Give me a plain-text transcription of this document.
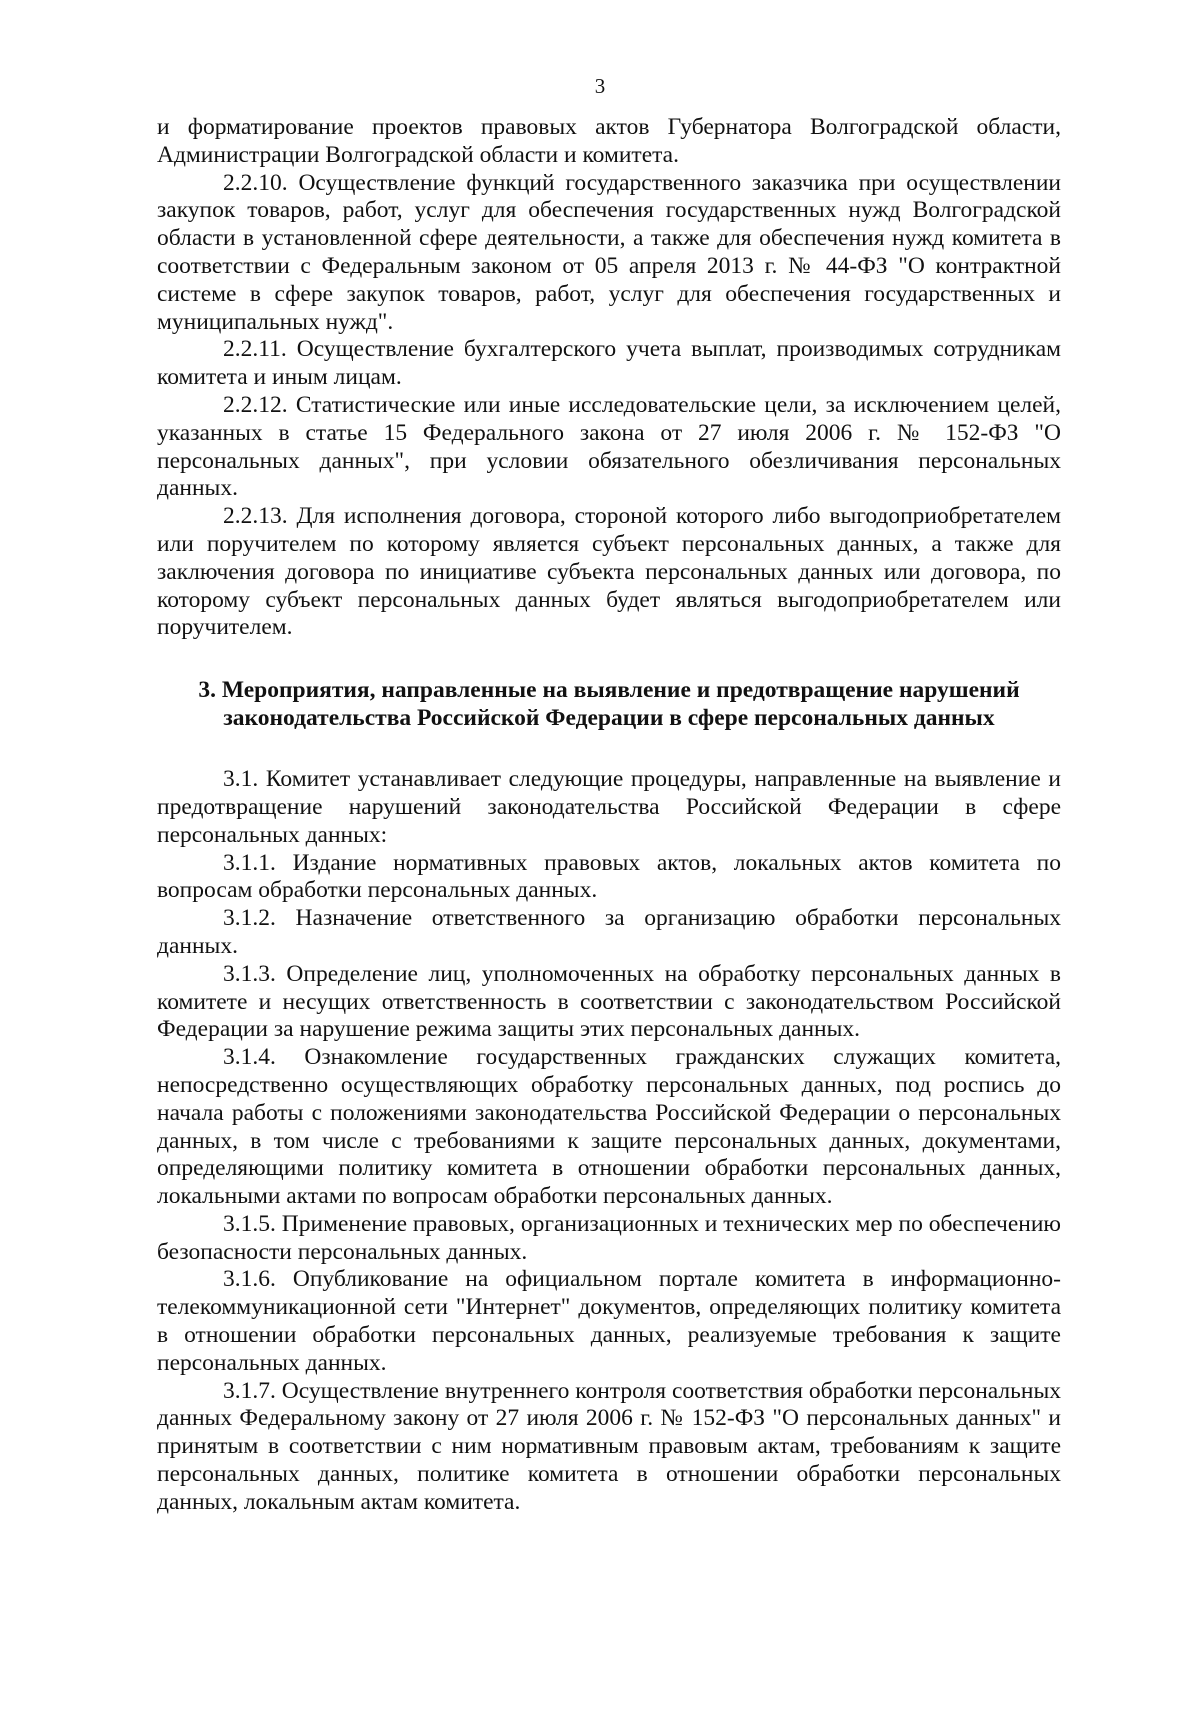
3

и форматирование проектов правовых актов Губернатора Волгоградской области, Администрации Волгоградской области и комитета.

2.2.10. Осуществление функций государственного заказчика при осуществлении закупок товаров, работ, услуг для обеспечения государственных нужд Волгоградской области в установленной сфере деятельности, а также для обеспечения нужд комитета в соответствии с Федеральным законом от 05 апреля 2013 г. № 44-ФЗ "О контрактной системе в сфере закупок товаров, работ, услуг для обеспечения государственных и муниципальных нужд".

2.2.11. Осуществление бухгалтерского учета выплат, производимых сотрудникам комитета и иным лицам.

2.2.12. Статистические или иные исследовательские цели, за исключением целей, указанных в статье 15 Федерального закона от 27 июля 2006 г. № 152-ФЗ "О персональных данных", при условии обязательного обезличивания персональных данных.

2.2.13. Для исполнения договора, стороной которого либо выгодоприобретателем или поручителем по которому является субъект персональных данных, а также для заключения договора по инициативе субъекта персональных данных или договора, по которому субъект персональных данных будет являться выгодоприобретателем или поручителем.

3. Мероприятия, направленные на выявление и предотвращение нарушений законодательства Российской Федерации в сфере персональных данных

3.1. Комитет устанавливает следующие процедуры, направленные на выявление и предотвращение нарушений законодательства Российской Федерации в сфере персональных данных:

3.1.1. Издание нормативных правовых актов, локальных актов комитета по вопросам обработки персональных данных.

3.1.2. Назначение ответственного за организацию обработки персональных данных.

3.1.3. Определение лиц, уполномоченных на обработку персональных данных в комитете и несущих ответственность в соответствии с законодательством Российской Федерации за нарушение режима защиты этих персональных данных.

3.1.4. Ознакомление государственных гражданских служащих комитета, непосредственно осуществляющих обработку персональных данных, под роспись до начала работы с положениями законодательства Российской Федерации о персональных данных, в том числе с требованиями к защите персональных данных, документами, определяющими политику комитета в отношении обработки персональных данных, локальными актами по вопросам обработки персональных данных.

3.1.5. Применение правовых, организационных и технических мер по обеспечению безопасности персональных данных.

3.1.6. Опубликование на официальном портале комитета в информационно-телекоммуникационной сети "Интернет" документов, определяющих политику комитета в отношении обработки персональных данных, реализуемые требования к защите персональных данных.

3.1.7. Осуществление внутреннего контроля соответствия обработки персональных данных Федеральному закону от 27 июля 2006 г. № 152-ФЗ "О персональных данных" и принятым в соответствии с ним нормативным правовым актам, требованиям к защите персональных данных, политике комитета в отношении обработки персональных данных, локальным актам комитета.
